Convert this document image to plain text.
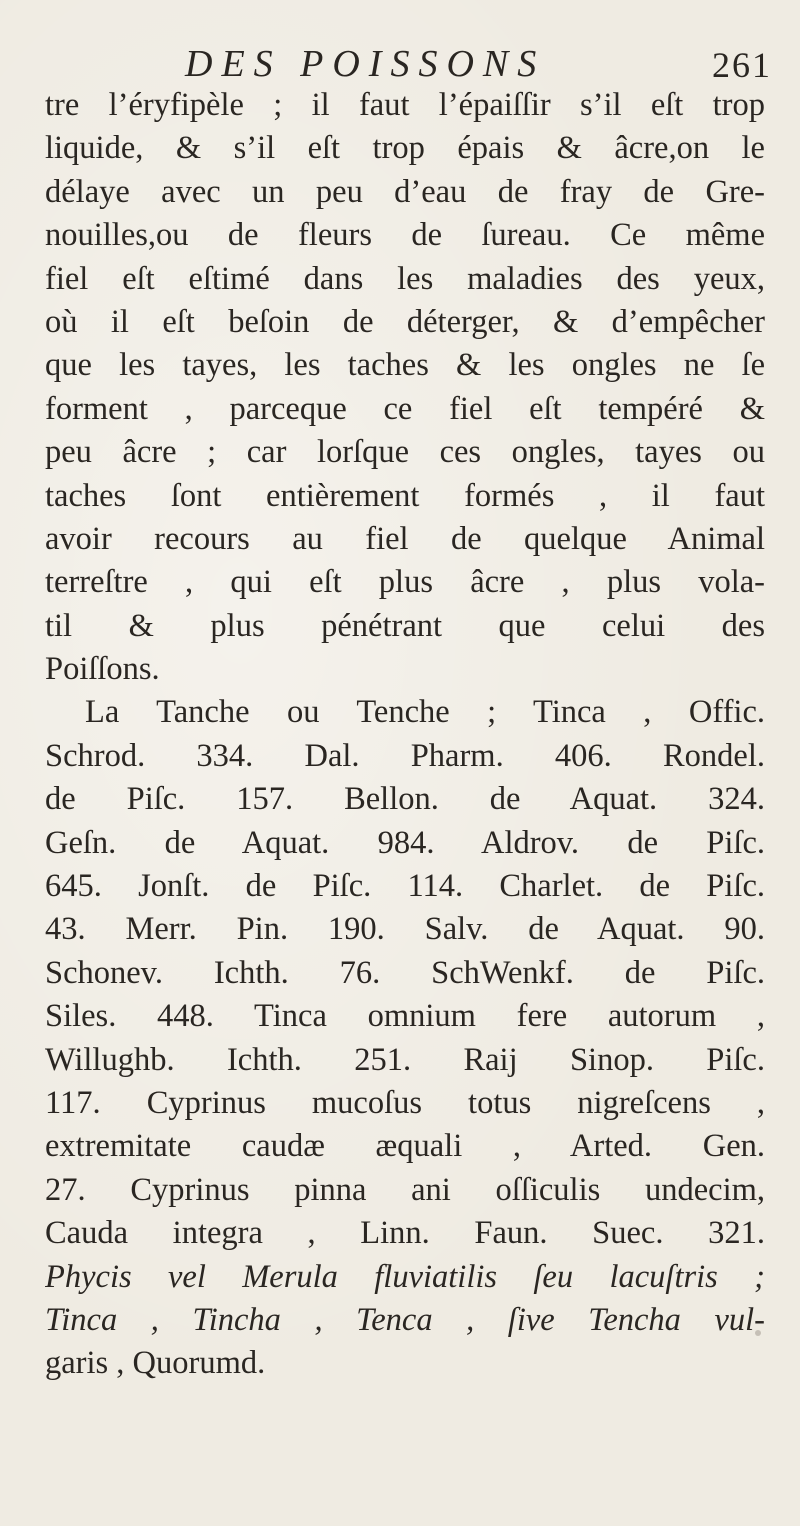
DES POISSONS	261
tre l’éryfipèle ; il faut l’épaiſſir s’il eſt trop
liquide, & s’il eſt trop épais & âcre,on le
délaye avec un peu d’eau de fray de Gre-
nouilles,ou de fleurs de ſureau. Ce même
fiel eſt eſtimé dans les maladies des yeux,
où il eſt beſoin de déterger, & d’empêcher
que les tayes, les taches & les ongles ne ſe
forment , parceque ce fiel eſt tempéré &
peu âcre ; car lorſque ces ongles, tayes ou
taches ſont entièrement formés , il faut
avoir recours au fiel de quelque Animal
terreſtre , qui eſt plus âcre , plus vola-
til & plus pénétrant que celui des
Poiſſons.
La Tanche ou Tenche ; Tinca , Offic.
Schrod. 334. Dal. Pharm. 406. Rondel.
de Piſc. 157. Bellon. de Aquat. 324.
Geſn. de Aquat. 984. Aldrov. de Piſc.
645. Jonſt. de Piſc. 114. Charlet. de Piſc.
43. Merr. Pin. 190. Salv. de Aquat. 90.
Schonev. Ichth. 76. SchWenkf. de Piſc.
Siles. 448. Tinca omnium fere autorum ,
Willughb. Ichth. 251. Raij Sinop. Piſc.
117. Cyprinus mucoſus totus nigreſcens ,
extremitate caudæ æquali , Arted. Gen.
27. Cyprinus pinna ani oſſiculis undecim,
Cauda integra , Linn. Faun. Suec. 321.
Phycis vel Merula fluviatilis ſeu lacuſtris ;
Tinca , Tincha , Tenca , ſive Tencha vul-
garis , Quorumd.
